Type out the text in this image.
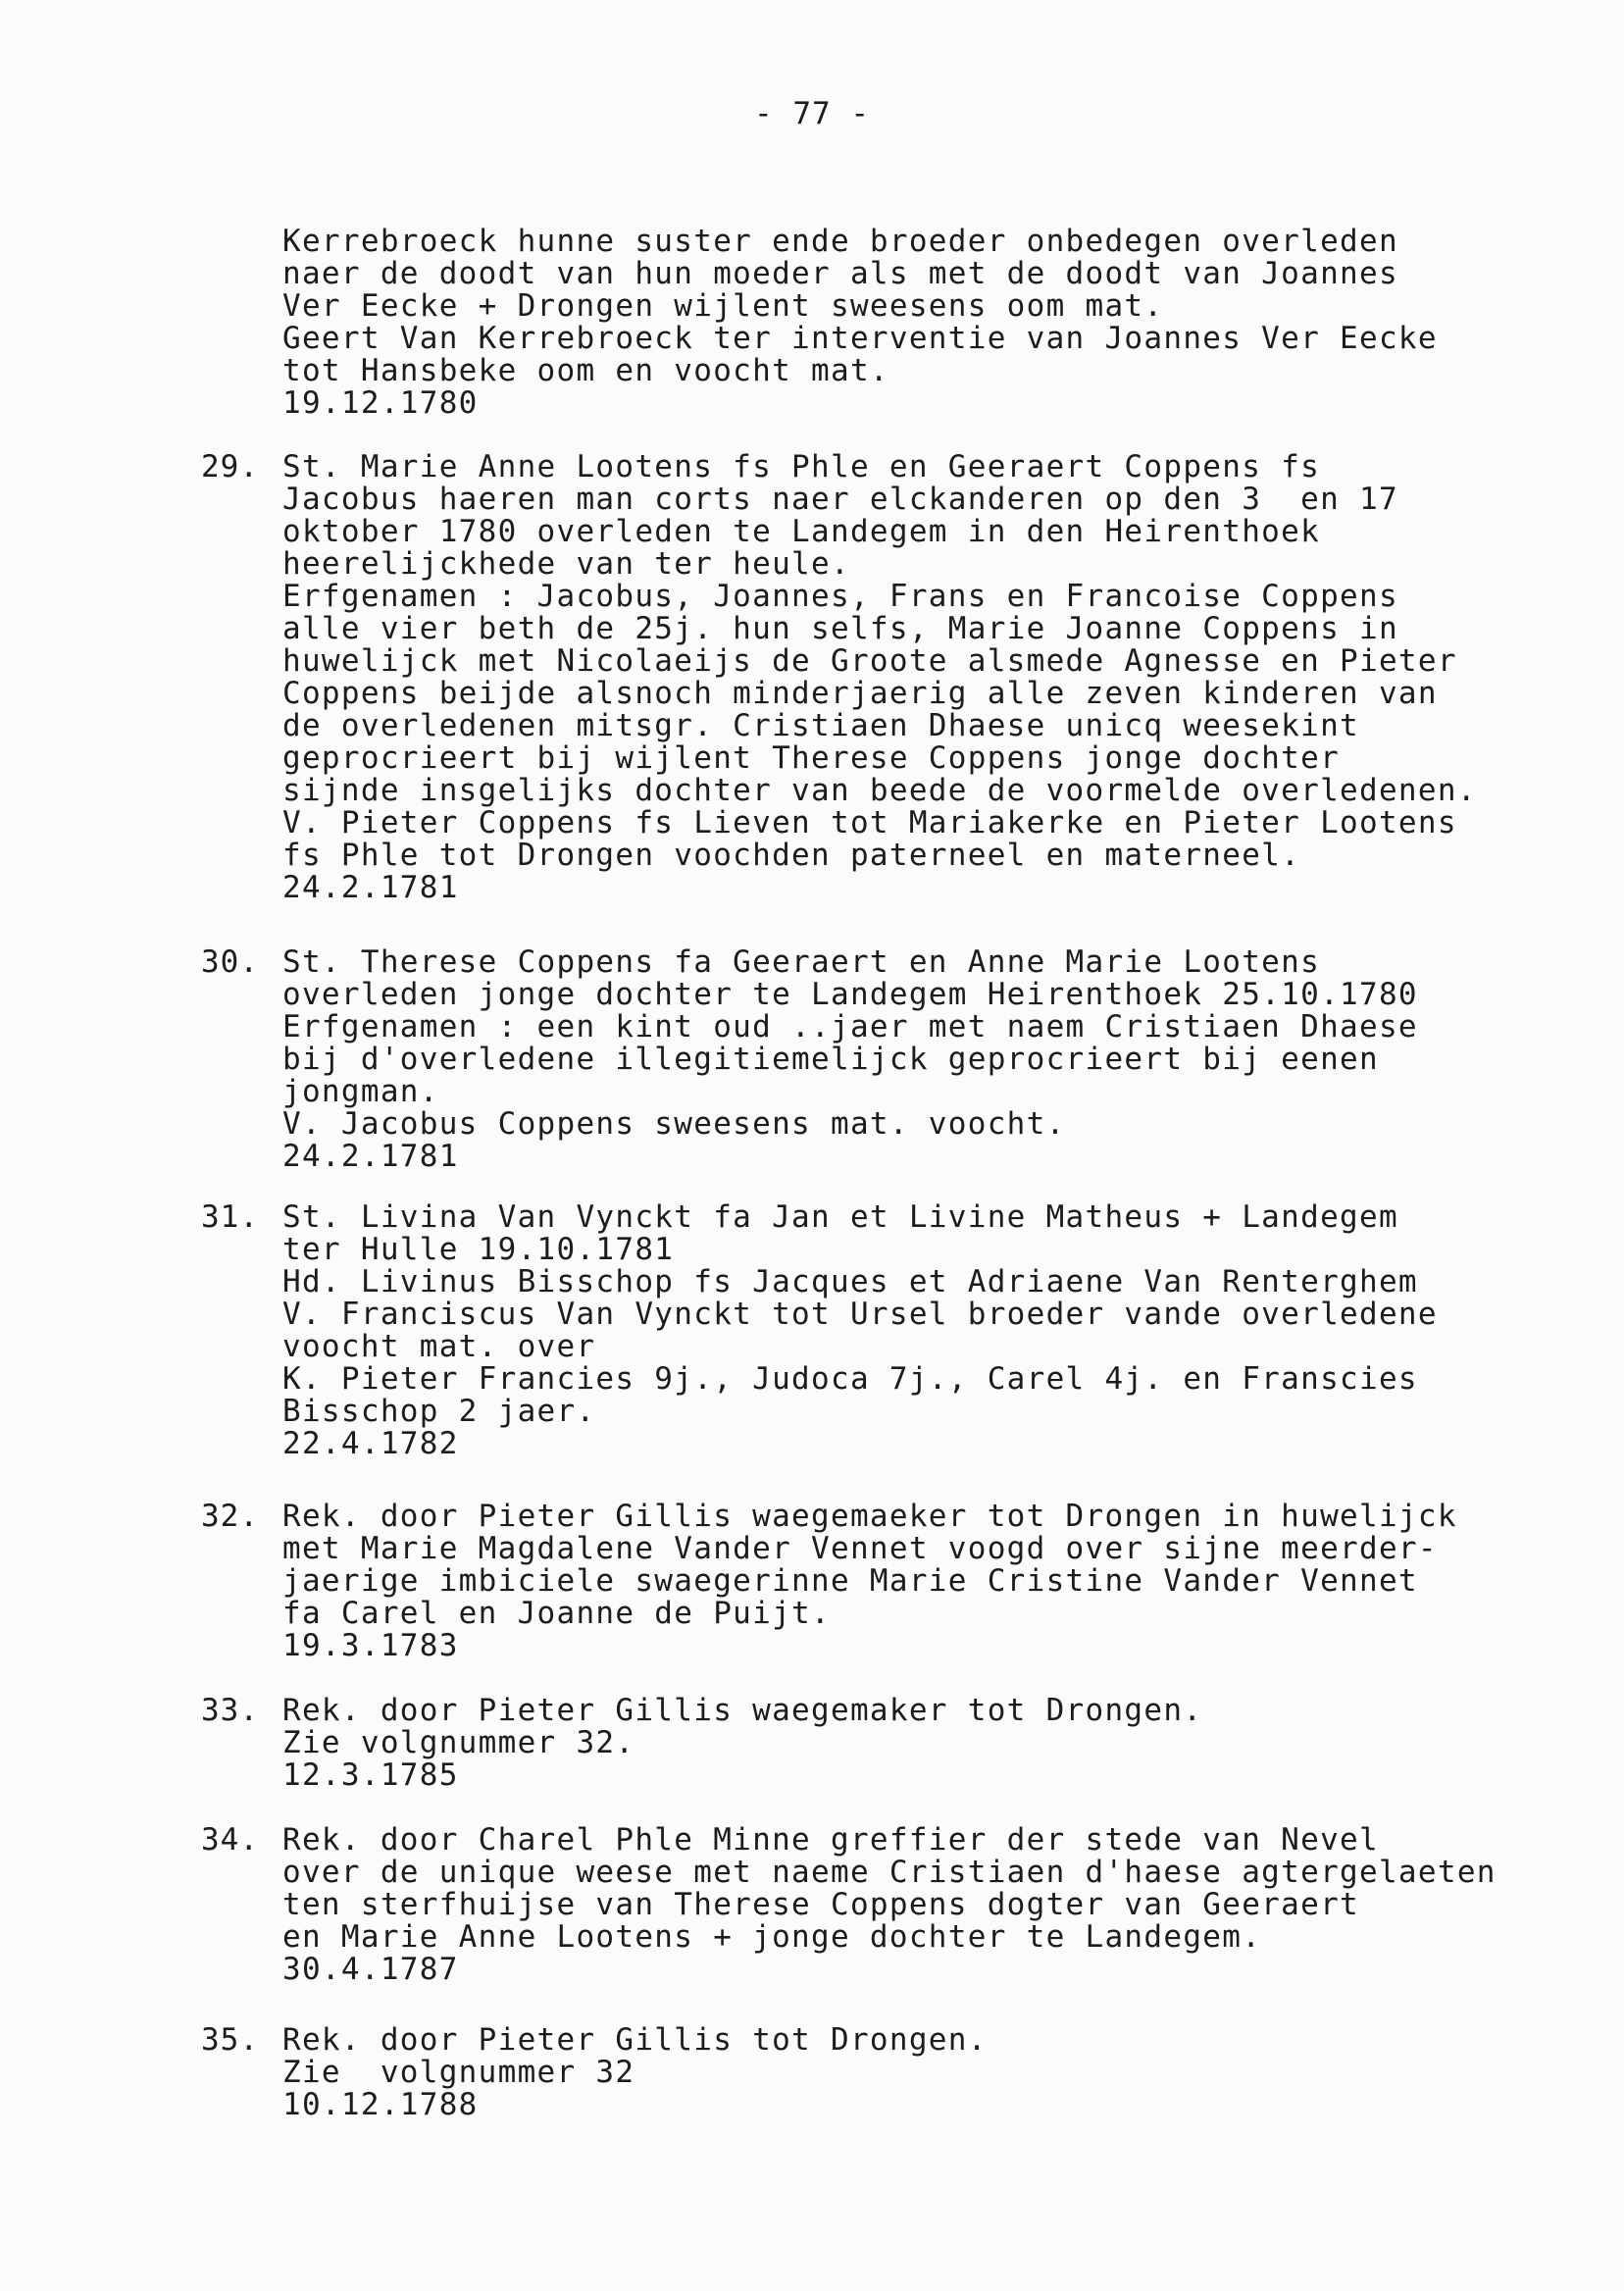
- 77 -
Kerrebroeck hunne suster ende broeder onbedegen overleden
naer de doodt van hun moeder als met de doodt van Joannes
Ver Eecke + Drongen wijlent sweesens oom mat.
Geert Van Kerrebroeck ter interventie van Joannes Ver Eecke
tot Hansbeke oom en voocht mat.
19.12.1780
29. St. Marie Anne Lootens fs Phle en Geeraert Coppens fs
Jacobus haeren man corts naer elckanderen op den 3  en 17
oktober 1780 overleden te Landegem in den Heirenthoek
heerelijckhede van ter heule.
Erfgenamen : Jacobus, Joannes, Frans en Francoise Coppens
alle vier beth de 25j. hun selfs, Marie Joanne Coppens in
huwelijck met Nicolaeijs de Groote alsmede Agnesse en Pieter
Coppens beijde alsnoch minderjaerig alle zeven kinderen van
de overledenen mitsgr. Cristiaen Dhaese unicq weesekint
geprocrieert bij wijlent Therese Coppens jonge dochter
sijnde insgelijks dochter van beede de voormelde overledenen.
V. Pieter Coppens fs Lieven tot Mariakerke en Pieter Lootens
fs Phle tot Drongen voochden paterneel en materneel.
24.2.1781
30. St. Therese Coppens fa Geeraert en Anne Marie Lootens
overleden jonge dochter te Landegem Heirenthoek 25.10.1780
Erfgenamen : een kint oud ..jaer met naem Cristiaen Dhaese
bij d'overledene illegitiemelijck geprocrieert bij eenen
jongman.
V. Jacobus Coppens sweesens mat. voocht.
24.2.1781
31. St. Livina Van Vynckt fa Jan et Livine Matheus + Landegem
ter Hulle 19.10.1781
Hd. Livinus Bisschop fs Jacques et Adriaene Van Renterghem
V. Franciscus Van Vynckt tot Ursel broeder vande overledene
voocht mat. over
K. Pieter Francies 9j., Judoca 7j., Carel 4j. en Franscies
Bisschop 2 jaer.
22.4.1782
32. Rek. door Pieter Gillis waegemaeker tot Drongen in huwelijck
met Marie Magdalene Vander Vennet voogd over sijne meerder-
jaerige imbiciele swaegerinne Marie Cristine Vander Vennet
fa Carel en Joanne de Puijt.
19.3.1783
33. Rek. door Pieter Gillis waegemaker tot Drongen.
Zie volgnummer 32.
12.3.1785
34. Rek. door Charel Phle Minne greffier der stede van Nevel
over de unique weese met naeme Cristiaen d'haese agtergelaeten
ten sterfhuijse van Therese Coppens dogter van Geeraert
en Marie Anne Lootens + jonge dochter te Landegem.
30.4.1787
35. Rek. door Pieter Gillis tot Drongen.
Zie  volgnummer 32
10.12.1788
